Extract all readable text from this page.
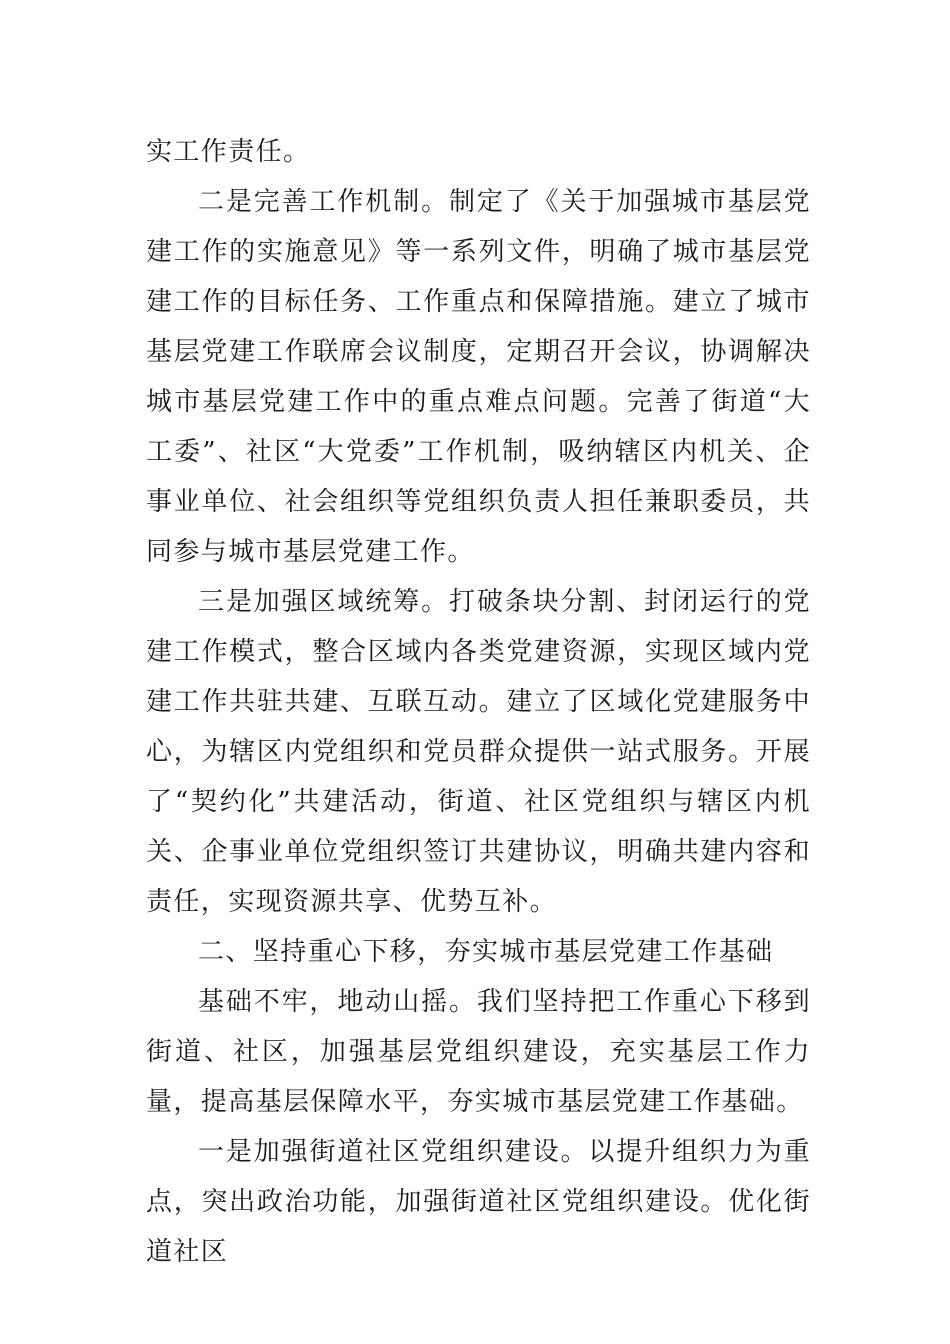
实工作责任。

二是完善工作机制。制定了《关于加强城市基层党建工作的实施意见》等一系列文件，明确了城市基层党建工作的目标任务、工作重点和保障措施。建立了城市基层党建工作联席会议制度，定期召开会议，协调解决城市基层党建工作中的重点难点问题。完善了街道“大工委”、社区“大党委”工作机制，吸纳辖区内机关、企事业单位、社会组织等党组织负责人担任兼职委员，共同参与城市基层党建工作。

三是加强区域统筹。打破条块分割、封闭运行的党建工作模式，整合区域内各类党建资源，实现区域内党建工作共驻共建、互联互动。建立了区域化党建服务中心，为辖区内党组织和党员群众提供一站式服务。开展了“契约化”共建活动，街道、社区党组织与辖区内机关、企事业单位党组织签订共建协议，明确共建内容和责任，实现资源共享、优势互补。

二、坚持重心下移，夯实城市基层党建工作基础

基础不牢，地动山摇。我们坚持把工作重心下移到街道、社区，加强基层党组织建设，充实基层工作力量，提高基层保障水平，夯实城市基层党建工作基础。

一是加强街道社区党组织建设。以提升组织力为重点，突出政治功能，加强街道社区党组织建设。优化街道社区
